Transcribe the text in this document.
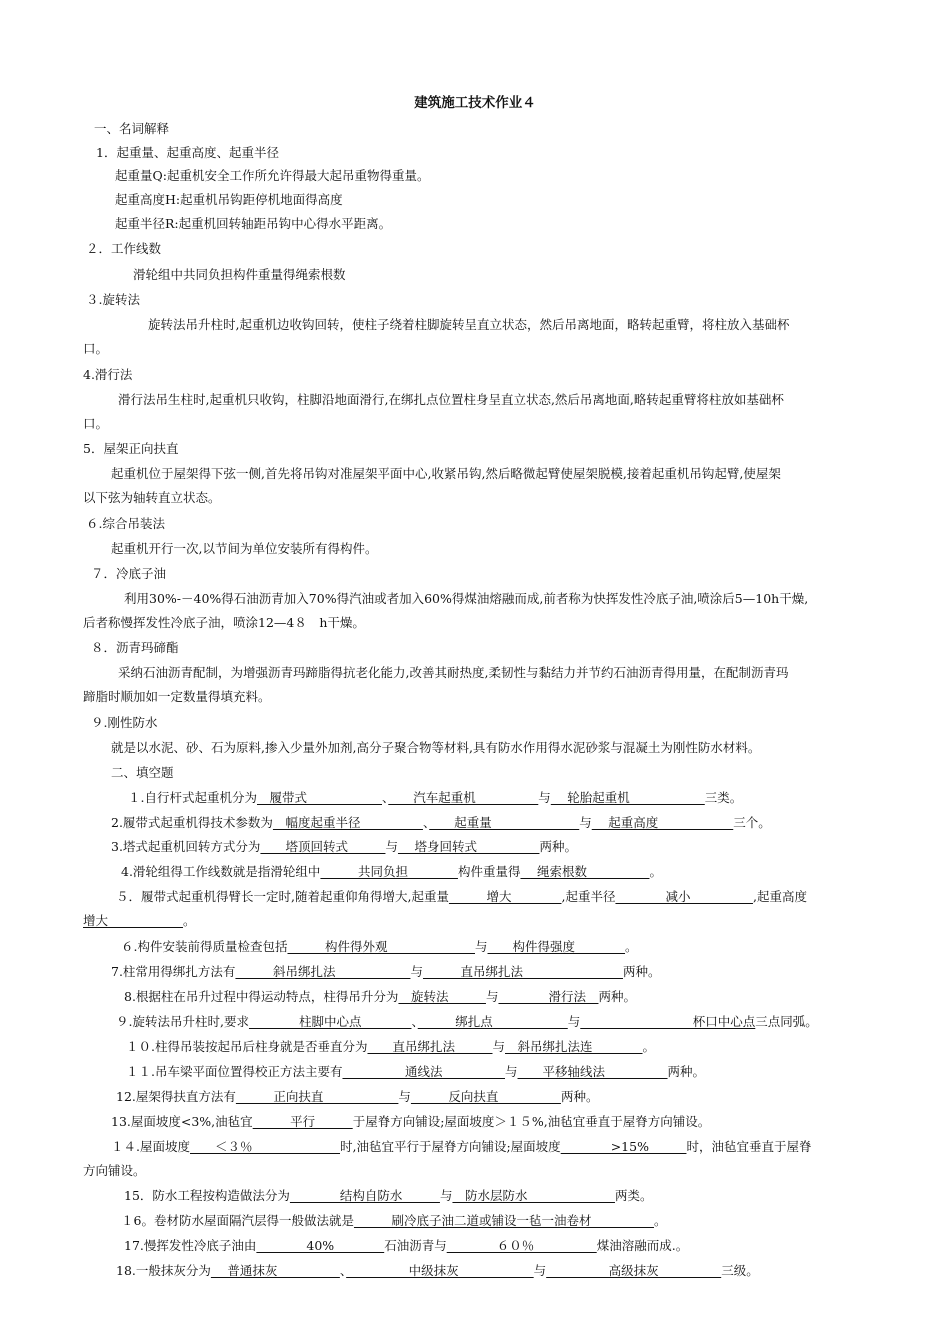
建筑施工技术作业４
一、名词解释
1．起重量、起重高度、起重半径
起重量Q:起重机安全工作所允许得最大起吊重物得重量。
起重高度H:起重机吊钩距停机地面得高度
起重半径R:起重机回转轴距吊钩中心得水平距离。
２．工作线数
滑轮组中共同负担构件重量得绳索根数
３.旋转法
旋转法吊升柱时,起重机边收钩回转，使柱子绕着柱脚旋转呈直立状态，然后吊离地面，略转起重臂，将柱放入基础杯
口。
4.滑行法
滑行法吊生柱时,起重机只收钩，柱脚沿地面滑行,在绑扎点位置柱身呈直立状态,然后吊离地面,略转起重臂将柱放如基础杯
口。
5．屋架正向扶直
起重机位于屋架得下弦一侧,首先将吊钩对准屋架平面中心,收紧吊钩,然后略微起臂使屋架脱模,接着起重机吊钩起臂,使屋架
以下弦为轴转直立状态。
６.综合吊装法
起重机开行一次,以节间为单位安装所有得构件。
７．冷底子油
利用30%-－40%得石油沥青加入70%得汽油或者加入60%得煤油熔融而成,前者称为快挥发性冷底子油,喷涂后5—10h干燥,
后者称慢挥发性冷底子油，喷涂12—4８　h干燥。
８．沥青玛碲酯
采纳石油沥青配制，为增强沥青玛蹄脂得抗老化能力,改善其耐热度,柔韧性与黏结力并节约石油沥青得用量，在配制沥青玛
蹄脂时顺加如一定数量得填充料。
９.刚性防水
就是以水泥、砂、石为原料,掺入少量外加剂,高分子聚合物等材料,具有防水作用得水泥砂浆与混凝土为刚性防水材料。
二、填空题
１.自行杆式起重机分为　履带式　　　　　　、　　汽车起重机　　　　　与　 轮胎起重机　　　　　　三类。
2.履带式起重机得技术参数为　幅度起重半径　　　　　、　　起重量　　　　　　　与　 起重高度　　　　　　三个。
3.塔式起重机回转方式分为　　塔顶回转式　　　与　 塔身回转式　　　　　两种。
4.滑轮组得工作线数就是指滑轮组中　　　共同负担　　　　构件重量得　 绳索根数　　　　　。
５．履带式起重机得臂长一定时,随着起重仰角得增大,起重量　　　增大　　　　,起重半径　　　　减小　　　　　,起重高度
增大　　　　　　。
６.构件安装前得质量检查包括　　　构件得外观　　　　　　　与　　构件得强度　　　　。
7.柱常用得绑扎方法有　　　斜吊绑扎法　　　　　　与　　　直吊绑扎法　　　　　　　　两种。
8.根据柱在吊升过程中得运动特点，柱得吊升分为　旋转法　　　与　　　　滑行法　两种。
９.旋转法吊升柱时,要求　　　　柱脚中心点　　　　、　　　绑扎点　　　　　　与　　　　　　　　　杯口中心点三点同弧。
１０.柱得吊装按起吊后柱身就是否垂直分为　　直吊绑扎法　　　与　斜吊绑扎法连　　　　。
１１.吊车梁平面位置得校正方法主要有　　　　　通线法　　　　　与　　平移轴线法　　　　　两种。
12.屋架得扶直方法有　　　正向扶直　　　　　　与　　　反向扶直　　　　　两种。
13.屋面坡度<3%,油毡宜　　　平行　　　于屋脊方向铺设;屋面坡度＞１５%,油毡宜垂直于屋脊方向铺设。
１４.屋面坡度　　＜３％　　　　　　　时,油毡宜平行于屋脊方向铺设;屋面坡度　　　　>15%　　　时，油毡宜垂直于屋脊
方向铺设。
15．防水工程按构造做法分为　　　　结构自防水　　　与　防水层防水　　　　　　　两类。
１6。卷材防水屋面隔汽层得一般做法就是　　　刷冷底子油二道或铺设一毡一油卷材　　　　　。
17.慢挥发性冷底子油由　　　　40%　　　　石油沥青与　　　　６０％　　　　　煤油溶融而成.。
18.一般抹灰分为　 普通抹灰　　　　　、　　　　　中级抹灰　　　　　　与　　　　　高级抹灰　　　　　三级。
